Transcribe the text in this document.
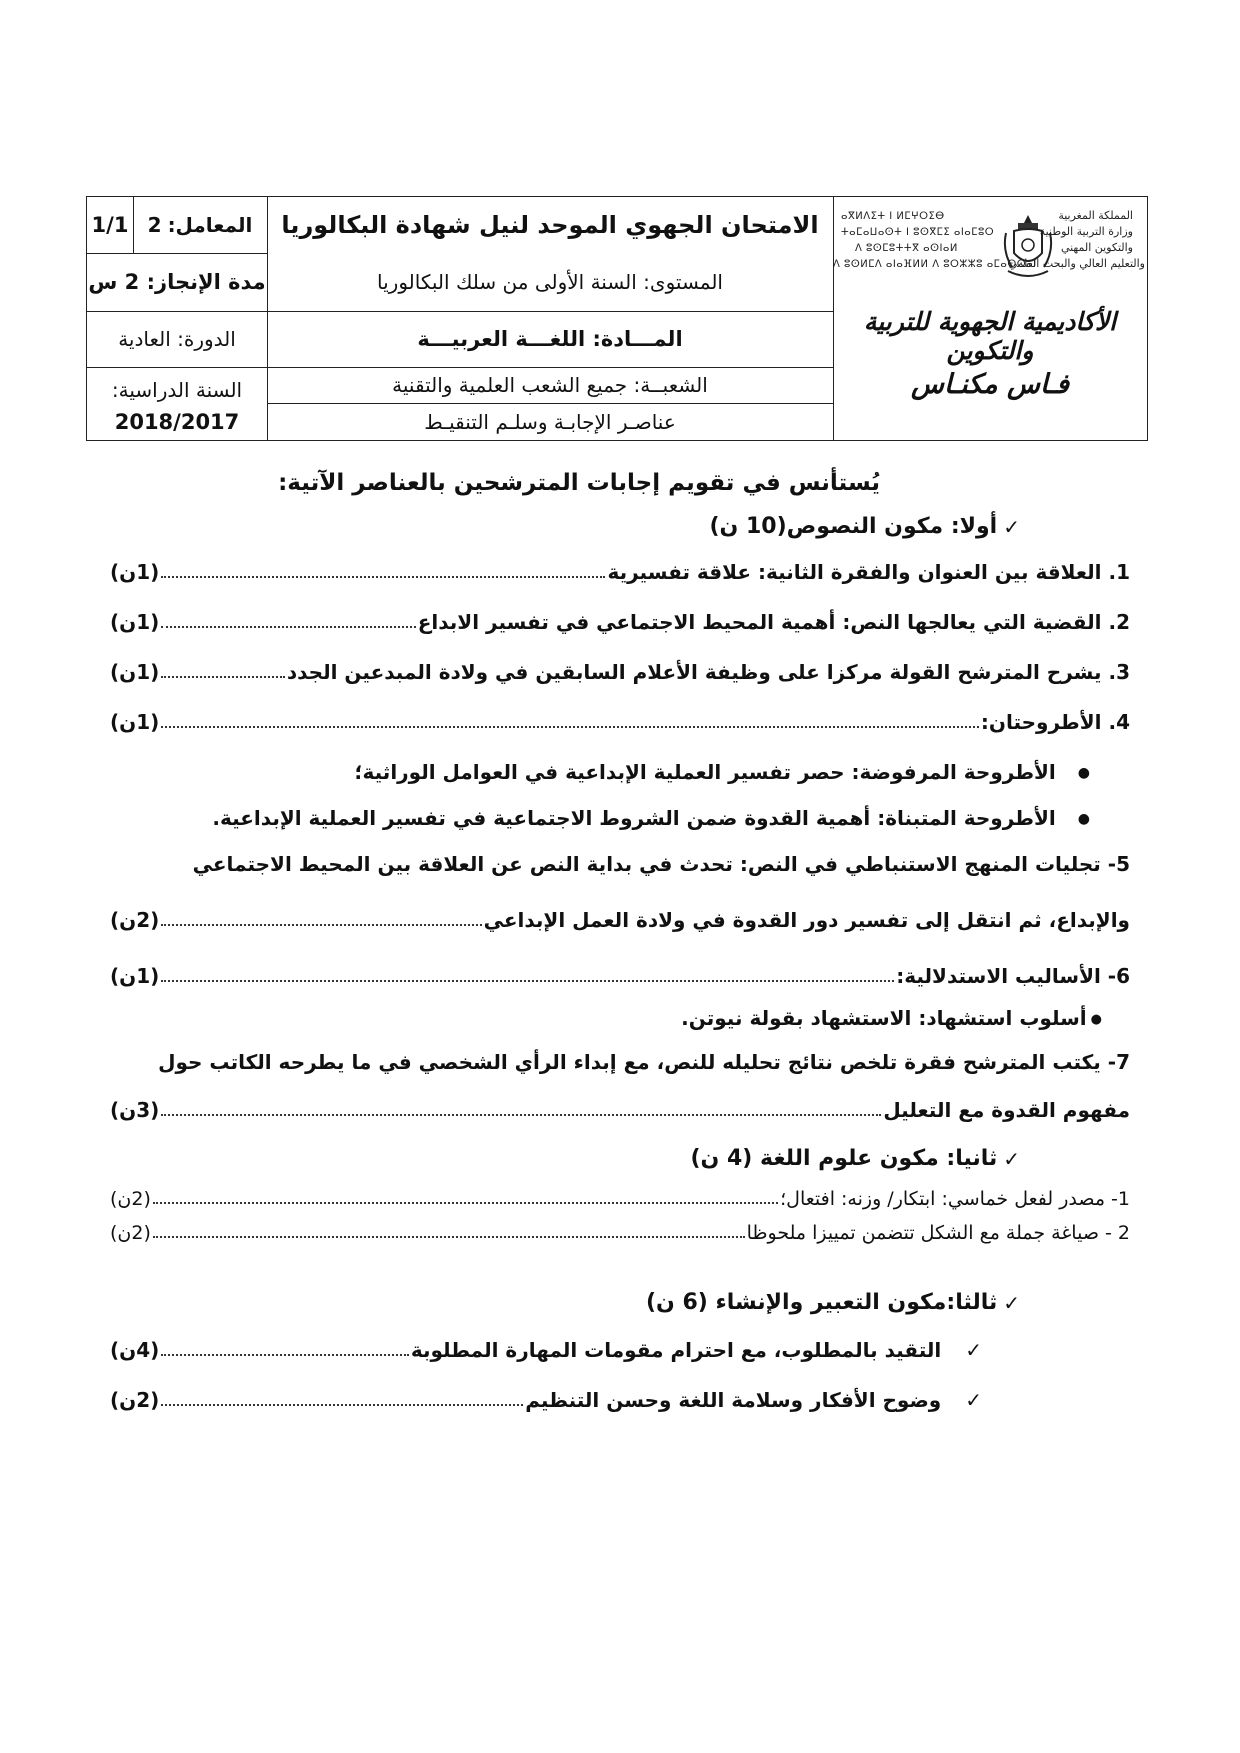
1/1 المعامل:
2
مدة الإنجاز: 2 س
الدورة: العادية
السنة الدراسية:
2018/2017
الامتحان الجهوي الموحد لنيل شهادة البكالوريا
المستوى: السنة الأولى من سلك البكالوريا
المـــادة: اللغـــة العربيـــة
الشعبــة: جميع الشعب العلمية والتقنية
عناصـر الإجابـة وسلـم التنقيـط
ⴰⴳⵍⴷⵉⵜ ⵏ ⵍⵎⵖⵔⵉⴱ
ⵜⴰⵎⴰⵡⴰⵙⵜ ⵏ ⵓⵙⴳⵎⵉ ⴰⵏⴰⵎⵓⵔ
ⴷ ⵓⵙⵎⵓⵜⵜⴳ ⴰⵙⵏⴰⵍ
ⴷ ⵓⵙⵍⵎⴷ ⴰⵏⴰⴼⵍⵍ ⴷ ⵓⵔⵣⵣⵓ ⴰⵎⴰⵙⵙⴰⵏ
المملكة المغربية
وزارة التربية الوطنية
والتكوين المهني
والتعليم العالي والبحث العلمي
الأكاديمية الجهوية للتربية والتكوين
فـاس مكنـاس
يُستأنس في تقويم إجابات المترشحين بالعناصر الآتية:
✓
أولا: مكون النصوص(10 ن)
1. العلاقة بين العنوان والفقرة الثانية: علاقة تفسيرية
(1ن)
2. القضية التي يعالجها النص: أهمية المحيط الاجتماعي في تفسير الابداع
(1ن)
3. يشرح المترشح القولة مركزا على وظيفة الأعلام السابقين في ولادة المبدعين الجدد
(1ن)
4. الأطروحتان:
(1ن)
●الأطروحة المرفوضة: حصر تفسير العملية الإبداعية في العوامل الوراثية؛
●الأطروحة المتبناة: أهمية القدوة ضمن الشروط الاجتماعية في تفسير العملية الإبداعية.
5- تجليات المنهج الاستنباطي في النص: تحدث في بداية النص عن العلاقة بين المحيط الاجتماعي
والإبداع، ثم انتقل إلى تفسير دور القدوة في ولادة العمل الإبداعي
(2ن)
6- الأساليب الاستدلالية:
(1ن)
●أسلوب استشهاد: الاستشهاد بقولة نيوتن.
7- يكتب المترشح فقرة تلخص نتائج تحليله للنص، مع إبداء الرأي الشخصي في ما يطرحه الكاتب حول
مفهوم القدوة مع التعليل
(3ن)
✓
ثانيا: مكون علوم اللغة (4 ن)
1- مصدر لفعل خماسي: ابتكار/ وزنه: افتعال؛
(2ن)
2 - صياغة جملة مع الشكل تتضمن تمييزا ملحوظا
(2ن)
✓
ثالثا:مكون التعبير والإنشاء (6 ن)
✓
التقيد بالمطلوب، مع احترام مقومات المهارة المطلوبة
(4ن)
✓
وضوح الأفكار وسلامة اللغة وحسن التنظيم
(2ن)
